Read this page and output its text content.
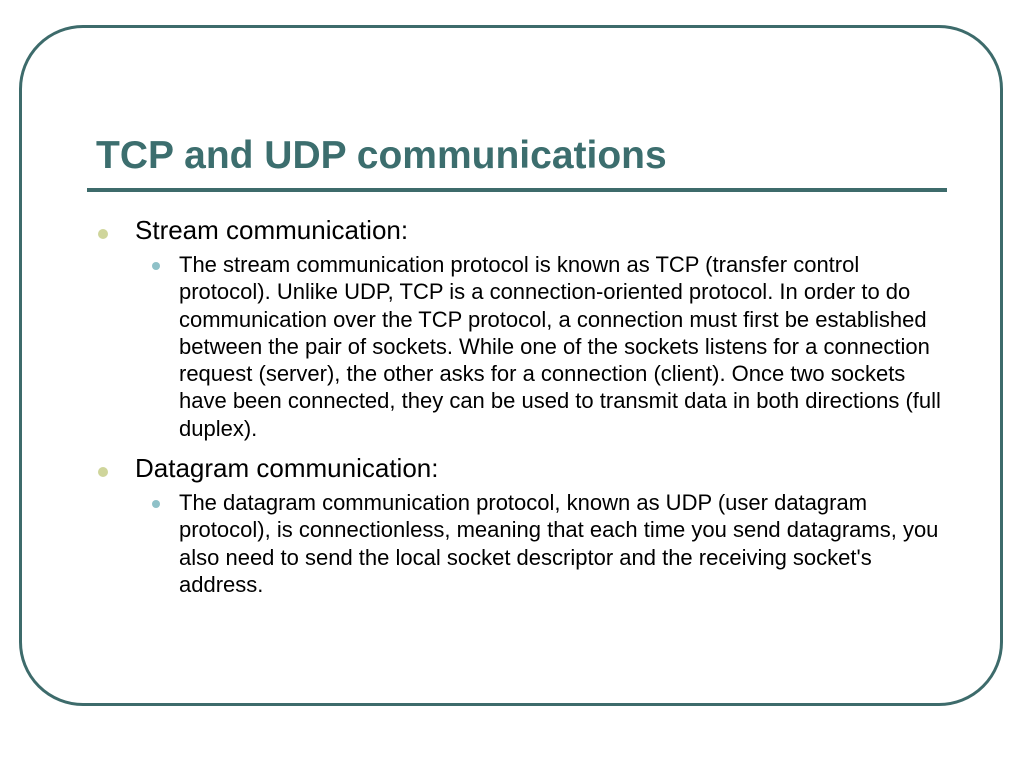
TCP and UDP communications
Stream communication:
The stream communication protocol is known as TCP (transfer control protocol). Unlike UDP, TCP is a connection-oriented protocol. In order to do communication over the TCP protocol, a connection must first be established between the pair of sockets. While one of the sockets listens for a connection request (server), the other asks for a connection (client). Once two sockets have been connected, they can be used to transmit data in both directions (full duplex).
Datagram communication:
The datagram communication protocol, known as UDP (user datagram protocol), is connectionless, meaning that each time you send datagrams, you also need to send the local socket descriptor and the receiving socket's address.
